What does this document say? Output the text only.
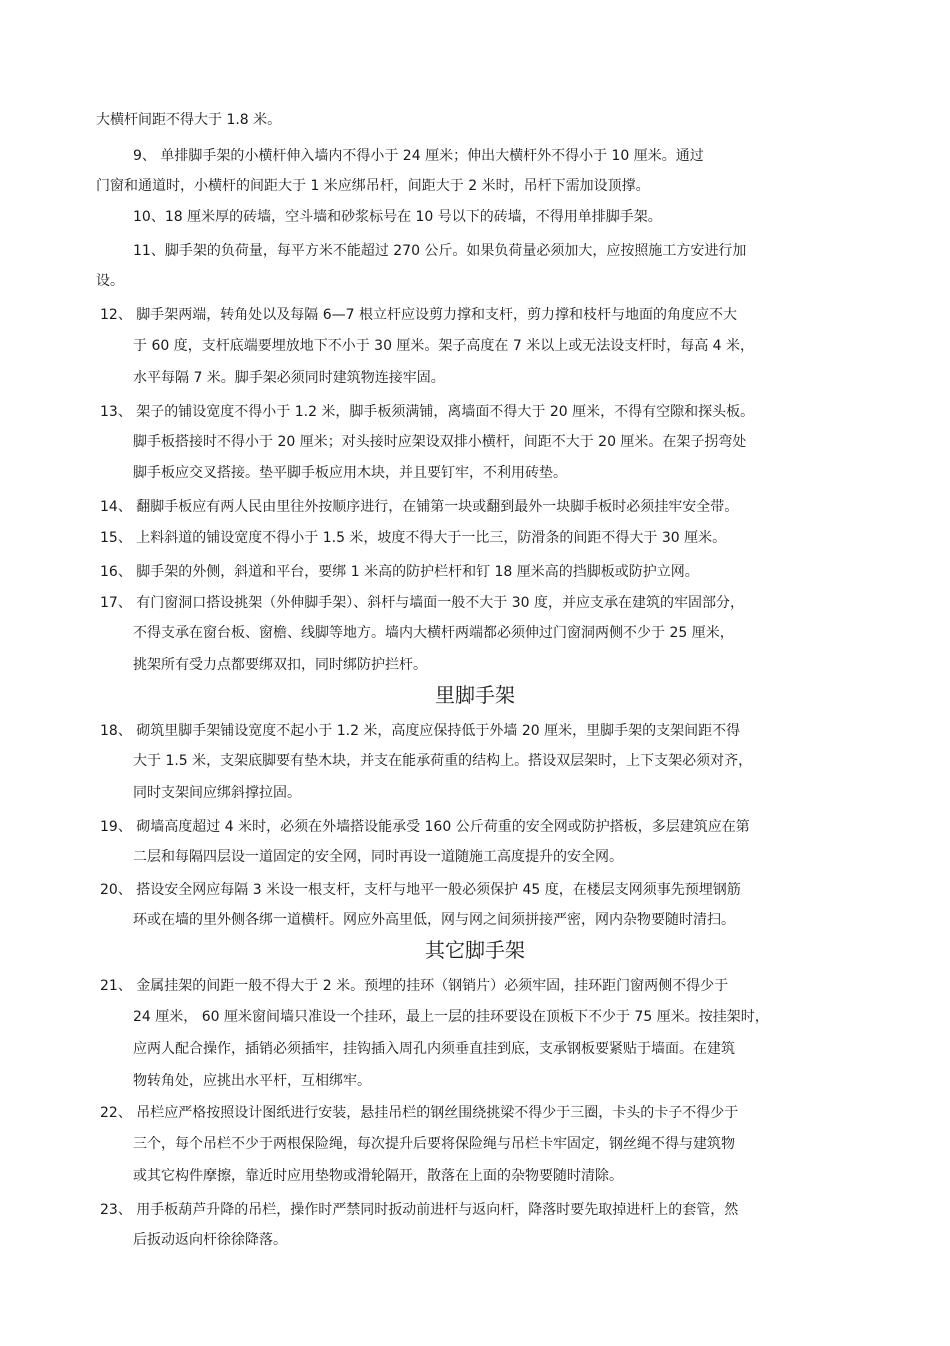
大横杆间距不得大于 1.8 米。
9、 单排脚手架的小横杆伸入墙内不得小于 24 厘米；伸出大横杆外不得小于 10 厘米。通过
门窗和通道时，小横杆的间距大于 1 米应绑吊杆，间距大于 2 米时，吊杆下需加设顶撑。
10、18 厘米厚的砖墙，空斗墙和砂浆标号在 10 号以下的砖墙，不得用单排脚手架。
11、脚手架的负荷量，每平方米不能超过 270 公斤。如果负荷量必须加大，应按照施工方安进行加
设。
12、 脚手架两端，转角处以及每隔 6—7 根立杆应设剪力撑和支杆，剪力撑和枝杆与地面的角度应不大
于 60 度，支杆底端要埋放地下不小于 30 厘米。架子高度在 7 米以上或无法设支杆时，每高 4 米，
水平每隔 7 米。脚手架必须同时建筑物连接牢固。
13、 架子的铺设宽度不得小于 1.2 米，脚手板须满铺，离墙面不得大于 20 厘米，不得有空隙和探头板。
脚手板搭接时不得小于 20 厘米；对头接时应架设双排小横杆，间距不大于 20 厘米。在架子拐弯处
脚手板应交叉搭接。垫平脚手板应用木块，并且要钉牢，不利用砖垫。
14、 翻脚手板应有两人民由里往外按顺序进行，在铺第一块或翻到最外一块脚手板时必须挂牢安全带。
15、 上料斜道的铺设宽度不得小于 1.5 米，坡度不得大于一比三，防滑条的间距不得大于 30 厘米。
16、 脚手架的外侧，斜道和平台，要绑 1 米高的防护栏杆和钉 18 厘米高的挡脚板或防护立网。
17、 有门窗洞口搭设挑架（外伸脚手架）、斜杆与墙面一般不大于 30 度，并应支承在建筑的牢固部分，
不得支承在窗台板、窗檐、线脚等地方。墙内大横杆两端都必须伸过门窗洞两侧不少于 25 厘米，
挑架所有受力点都要绑双扣，同时绑防护拦杆。
里脚手架
18、 砌筑里脚手架铺设宽度不起小于 1.2 米，高度应保持低于外墙 20 厘米，里脚手架的支架间距不得
大于 1.5 米，支架底脚要有垫木块，并支在能承荷重的结构上。搭设双层架时，上下支架必须对齐，
同时支架间应绑斜撑拉固。
19、 砌墙高度超过 4 米时，必须在外墙搭设能承受 160 公斤荷重的安全网或防护搭板，多层建筑应在第
二层和每隔四层设一道固定的安全网，同时再设一道随施工高度提升的安全网。
20、 搭设安全网应每隔 3 米设一根支杆，支杆与地平一般必须保护 45 度，在楼层支网须事先预埋钢筋
环或在墙的里外侧各绑一道横杆。网应外高里低，网与网之间须拼接严密，网内杂物要随时清扫。
其它脚手架
21、 金属挂架的间距一般不得大于 2 米。预埋的挂环（钢销片）必须牢固，挂环距门窗两侧不得少于
24 厘米， 60 厘米窗间墙只准设一个挂环，最上一层的挂环要设在顶板下不少于 75 厘米。按挂架时，
应两人配合操作，插销必须插牢，挂钩插入周孔内须垂直挂到底，支承钢板要紧贴于墙面。在建筑
物转角处，应挑出水平杆，互相绑牢。
22、 吊栏应严格按照设计图纸进行安装，悬挂吊栏的钢丝围绕挑梁不得少于三圈，卡头的卡子不得少于
三个，每个吊栏不少于两根保险绳，每次提升后要将保险绳与吊栏卡牢固定，钢丝绳不得与建筑物
或其它构件摩擦，靠近时应用垫物或滑轮隔开，散落在上面的杂物要随时清除。
23、 用手板葫芦升降的吊栏，操作时严禁同时扳动前进杆与返向杆，降落时要先取掉进杆上的套管，然
后扳动返向杆徐徐降落。
